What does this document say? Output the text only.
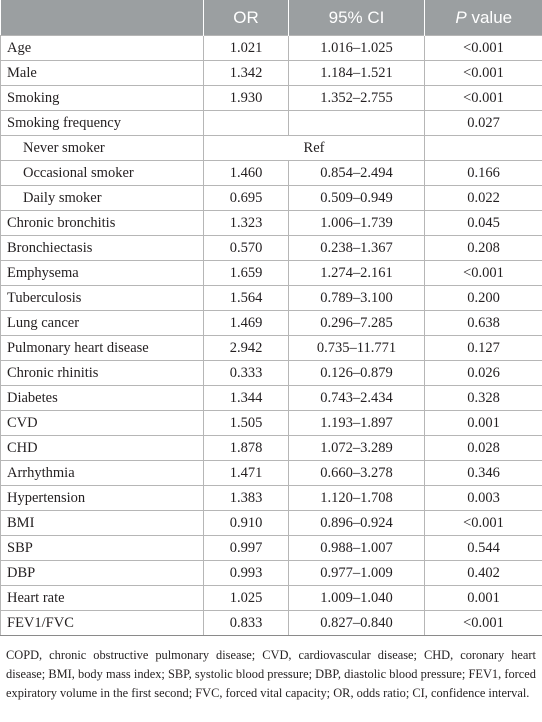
	OR	95% CI	P value
Age	1.021	1.016–1.025	<0.001
Male	1.342	1.184–1.521	<0.001
Smoking	1.930	1.352–2.755	<0.001
Smoking frequency			0.027
Never smoker	Ref		
Occasional smoker	1.460	0.854–2.494	0.166
Daily smoker	0.695	0.509–0.949	0.022
Chronic bronchitis	1.323	1.006–1.739	0.045
Bronchiectasis	0.570	0.238–1.367	0.208
Emphysema	1.659	1.274–2.161	<0.001
Tuberculosis	1.564	0.789–3.100	0.200
Lung cancer	1.469	0.296–7.285	0.638
Pulmonary heart disease	2.942	0.735–11.771	0.127
Chronic rhinitis	0.333	0.126–0.879	0.026
Diabetes	1.344	0.743–2.434	0.328
CVD	1.505	1.193–1.897	0.001
CHD	1.878	1.072–3.289	0.028
Arrhythmia	1.471	0.660–3.278	0.346
Hypertension	1.383	1.120–1.708	0.003
BMI	0.910	0.896–0.924	<0.001
SBP	0.997	0.988–1.007	0.544
DBP	0.993	0.977–1.009	0.402
Heart rate	1.025	1.009–1.040	0.001
FEV1/FVC	0.833	0.827–0.840	<0.001

COPD, chronic obstructive pulmonary disease; CVD, cardiovascular disease; CHD, coronary heart disease; BMI, body mass index; SBP, systolic blood pressure; DBP, diastolic blood pressure; FEV1, forced expiratory volume in the first second; FVC, forced vital capacity; OR, odds ratio; CI, confidence interval.
